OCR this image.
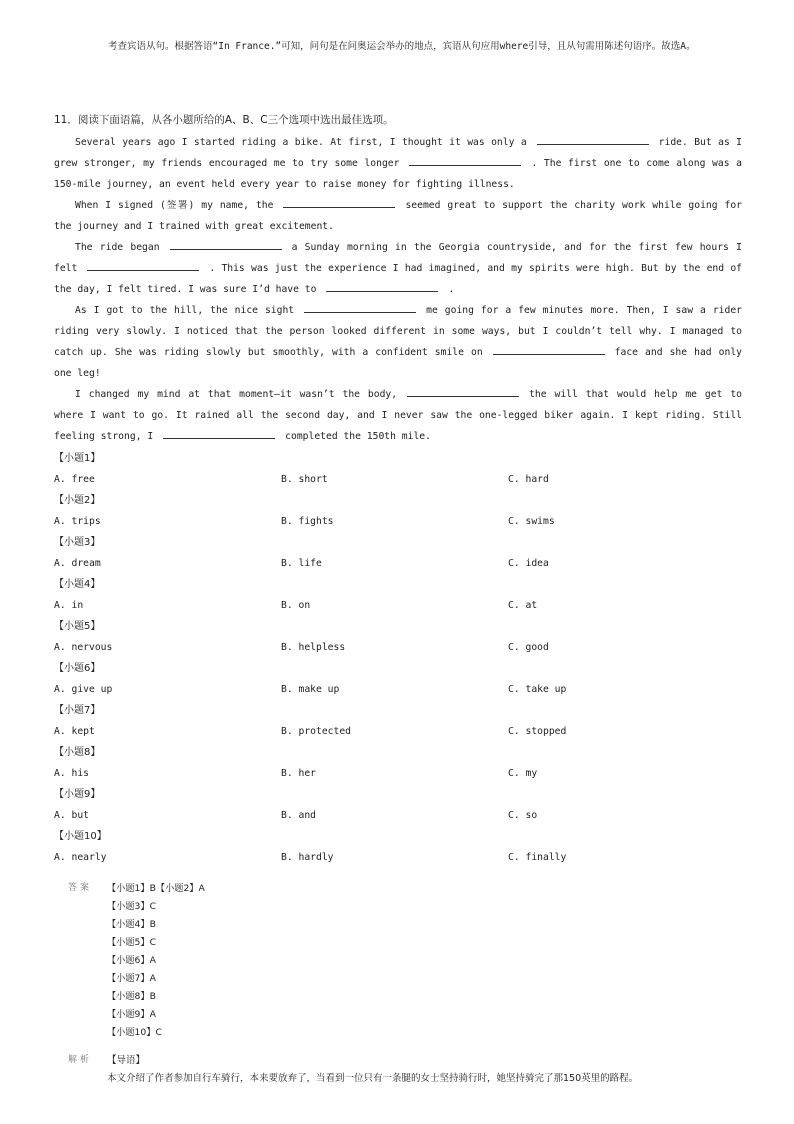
考查宾语从句。根据答语“In France.”可知，问句是在问奥运会举办的地点，宾语从句应用where引导，且从句需用陈述句语序。故选A。
11．阅读下面语篇，从各小题所给的A、B、C三个选项中选出最佳选项。

Several years ago I started riding a bike. At first, I thought it was only a	ride. But as I grew stronger, my friends encouraged me to try some longer	. The first one to come along was a 150-mile journey, an event held every year to raise money for fighting illness.

When I signed (签署) my name, the	seemed great to support the charity work while going for the journey and I trained with great excitement.

The ride began	a Sunday morning in the Georgia countryside, and for the first few hours I felt	. This was just the experience I had imagined, and my spirits were high. But by the end of the day, I felt tired. I was sure I’d have to	.

As I got to the hill, the nice sight	me going for a few minutes more. Then, I saw a rider riding very slowly. I noticed that the person looked different in some ways, but I couldn’t tell why. I managed to catch up. She was riding slowly but smoothly, with a confident smile on	face and she had only one leg!

I changed my mind at that moment—it wasn’t the body,	the will that would help me get to where I want to go. It rained all the second day, and I never saw the one-legged biker again. I kept riding. Still feeling strong, I	completed the 150th mile.

【小题1】
A. free	B. short	C. hard
【小题2】
A. trips	B. fights	C. swims
【小题3】
A. dream	B. life	C. idea
【小题4】
A. in	B. on	C. at
【小题5】
A. nervous	B. helpless	C. good
【小题6】
A. give up	B. make up	C. take up
【小题7】
A. kept	B. protected	C. stopped
【小题8】
A. his	B. her	C. my
【小题9】
A. but	B. and	C. so
【小题10】
A. nearly	B. hardly	C. finally
答案 【小题1】B【小题2】A
【小题3】C
【小题4】B
【小题5】C
【小题6】A
【小题7】A
【小题8】B
【小题9】A
【小题10】C
解析 【导语】
本文介绍了作者参加自行车骑行，本来要放弃了，当看到一位只有一条腿的女士坚持骑行时，她坚持骑完了那150英里的路程。
